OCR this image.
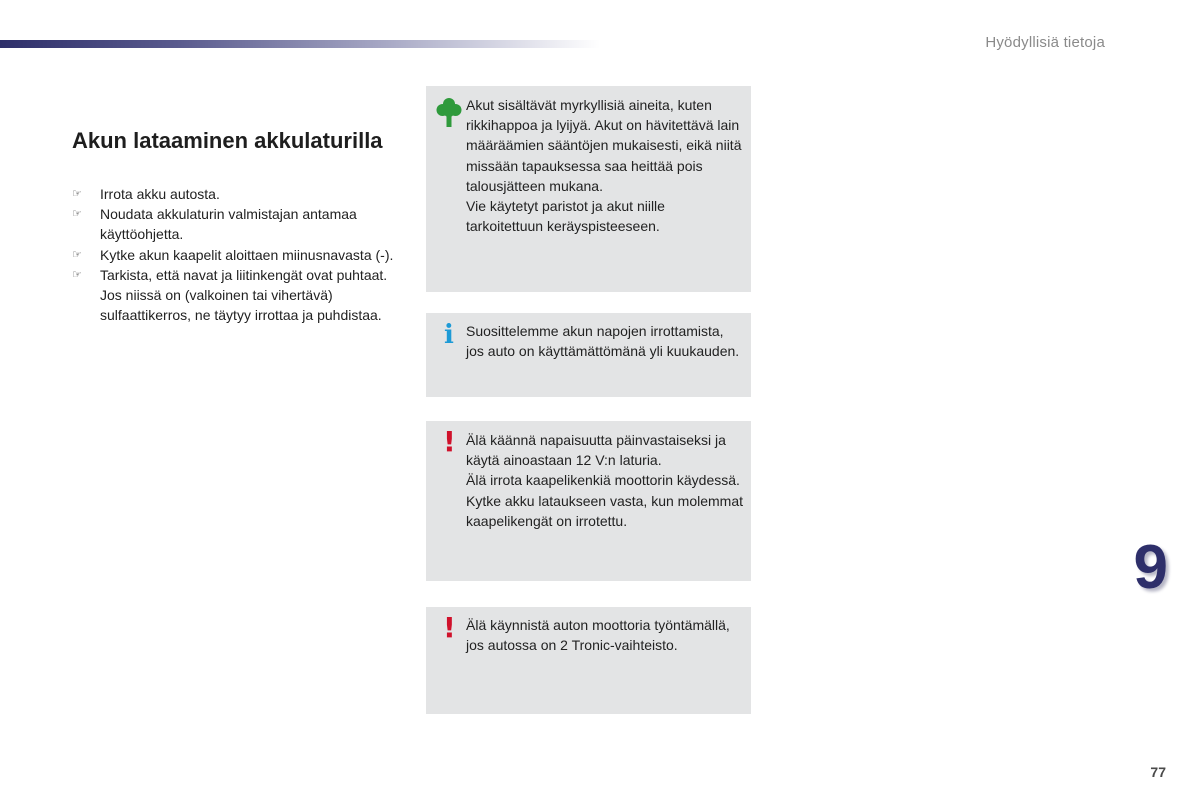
Hyödyllisiä tietoja
Akun lataaminen akkulaturilla
☞ Irrota akku autosta.
☞ Noudata akkulaturin valmistajan antamaa käyttöohjetta.
☞ Kytke akun kaapelit aloittaen miinusnavasta (-).
☞ Tarkista, että navat ja liitinkengät ovat puhtaat. Jos niissä on (valkoinen tai vihertävä) sulfaattikerros, ne täytyy irrottaa ja puhdistaa.
Akut sisältävät myrkyllisiä aineita, kuten rikkihappoa ja lyijyä. Akut on hävitettävä lain määräämien sääntöjen mukaisesti, eikä niitä missään tapauksessa saa heittää pois talousjätteen mukana.
Vie käytetyt paristot ja akut niille tarkoitettuun keräyspisteeseen.
i Suosittelemme akun napojen irrottamista, jos auto on käyttämättömänä yli kuukauden.
! Älä käännä napaisuutta päinvastaiseksi ja käytä ainoastaan 12 V:n laturia.
Älä irrota kaapelikenkiä moottorin käydessä.
Kytke akku lataukseen vasta, kun molemmat kaapelikengät on irrotettu.
! Älä käynnistä auton moottoria työntämällä, jos autossa on 2 Tronic-vaihteisto.
9
77
